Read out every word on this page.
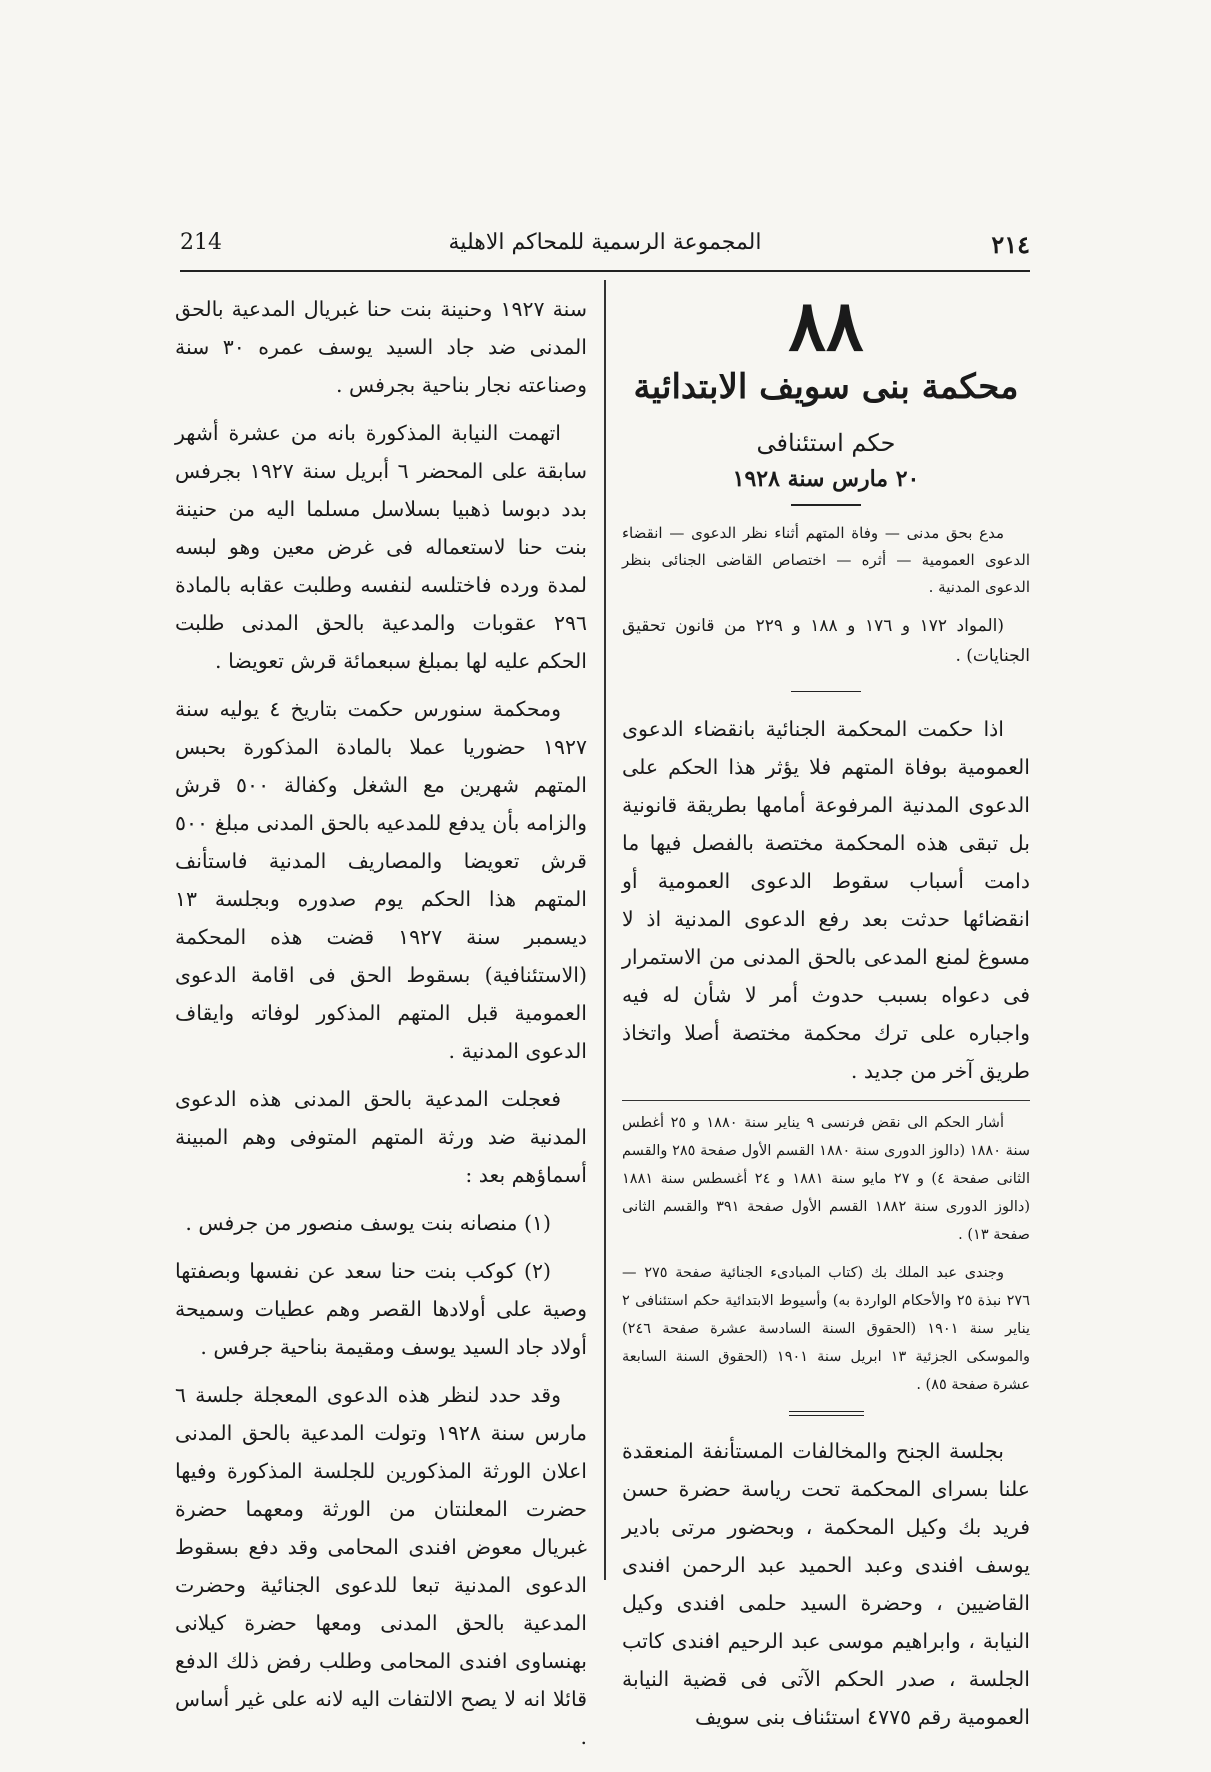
214	المجموعة الرسمية للمحاكم الاهلية	٢١٤
٨٨
محكمة بنى سويف الابتدائية
حكم استئنافى
٢٠ مارس سنة ١٩٢٨

مدع بحق مدنى — وفاة المتهم أثناء نظر الدعوى — انقضاء الدعوى العمومية — أثره — اختصاص القاضى الجنائى بنظر الدعوى المدنية .

(المواد ١٧٢ و ١٧٦ و ١٨٨ و ٢٢٩ من قانون تحقيق الجنايات) .

اذا حكمت المحكمة الجنائية بانقضاء الدعوى العمومية بوفاة المتهم فلا يؤثر هذا الحكم على الدعوى المدنية المرفوعة أمامها بطريقة قانونية بل تبقى هذه المحكمة مختصة بالفصل فيها ما دامت أسباب سقوط الدعوى العمومية أو انقضائها حدثت بعد رفع الدعوى المدنية اذ لا مسوغ لمنع المدعى بالحق المدنى من الاستمرار فى دعواه بسبب حدوث أمر لا شأن له فيه واجباره على ترك محكمة مختصة أصلا واتخاذ طريق آخر من جديد .

أشار الحكم الى نقض فرنسى ٩ يناير سنة ١٨٨٠ و ٢٥ أغطس سنة ١٨٨٠ (دالوز الدورى سنة ١٨٨٠ القسم الأول صفحة ٢٨٥ والقسم الثانى صفحة ٤) و ٢٧ مايو سنة ١٨٨١ و ٢٤ أغسطس سنة ١٨٨١ (دالوز الدورى سنة ١٨٨٢ القسم الأول صفحة ٣٩١ والقسم الثانى صفحة ١٣) .

وجندى عبد الملك بك (كتاب المبادىء الجنائية صفحة ٢٧٥ — ٢٧٦ نبذة ٢٥ والأحكام الواردة به) وأسيوط الابتدائية حكم استئنافى ٢ يناير سنة ١٩٠١ (الحقوق السنة السادسة عشرة صفحة ٢٤٦) والموسكى الجزئية ١٣ ابريل سنة ١٩٠١ (الحقوق السنة السابعة عشرة صفحة ٨٥) .

بجلسة الجنح والمخالفات المستأنفة المنعقدة علنا بسراى المحكمة تحت رياسة حضرة حسن فريد بك وكيل المحكمة ، وبحضور مرتى بادير يوسف افندى وعبد الحميد عبد الرحمن افندى القاضيين ، وحضرة السيد حلمى افندى وكيل النيابة ، وابراهيم موسى عبد الرحيم افندى كاتب الجلسة ، صدر الحكم الآتى فى قضية النيابة العمومية رقم ٤٧٧٥ استئناف بنى سويف

سنة ١٩٢٧ وحنينة بنت حنا غبريال المدعية بالحق المدنى ضد جاد السيد يوسف عمره ٣٠ سنة وصناعته نجار بناحية بجرفس .

اتهمت النيابة المذكورة بانه من عشرة أشهر سابقة على المحضر ٦ أبريل سنة ١٩٢٧ بجرفس بدد دبوسا ذهبيا بسلاسل مسلما اليه من حنينة بنت حنا لاستعماله فى غرض معين وهو لبسه لمدة ورده فاختلسه لنفسه وطلبت عقابه بالمادة ٢٩٦ عقوبات والمدعية بالحق المدنى طلبت الحكم عليه لها بمبلغ سبعمائة قرش تعويضا .

ومحكمة سنورس حكمت بتاريخ ٤ يوليه سنة ١٩٢٧ حضوريا عملا بالمادة المذكورة بحبس المتهم شهرين مع الشغل وكفالة ٥٠٠ قرش والزامه بأن يدفع للمدعيه بالحق المدنى مبلغ ٥٠٠ قرش تعويضا والمصاريف المدنية فاستأنف المتهم هذا الحكم يوم صدوره وبجلسة ١٣ ديسمبر سنة ١٩٢٧ قضت هذه المحكمة (الاستئنافية) بسقوط الحق فى اقامة الدعوى العمومية قبل المتهم المذكور لوفاته وايقاف الدعوى المدنية .

فعجلت المدعية بالحق المدنى هذه الدعوى المدنية ضد ورثة المتهم المتوفى وهم المبينة أسماؤهم بعد :

(١) منصانه بنت يوسف منصور من جرفس .

(٢) كوكب بنت حنا سعد عن نفسها وبصفتها وصية على أولادها القصر وهم عطيات وسميحة أولاد جاد السيد يوسف ومقيمة بناحية جرفس .

وقد حدد لنظر هذه الدعوى المعجلة جلسة ٦ مارس سنة ١٩٢٨ وتولت المدعية بالحق المدنى اعلان الورثة المذكورين للجلسة المذكورة وفيها حضرت المعلنتان من الورثة ومعهما حضرة غبريال معوض افندى المحامى وقد دفع بسقوط الدعوى المدنية تبعا للدعوى الجنائية وحضرت المدعية بالحق المدنى ومعها حضرة كيلانى بهنساوى افندى المحامى وطلب رفض ذلك الدفع قائلا انه لا يصح الالتفات اليه لانه على غير أساس .
